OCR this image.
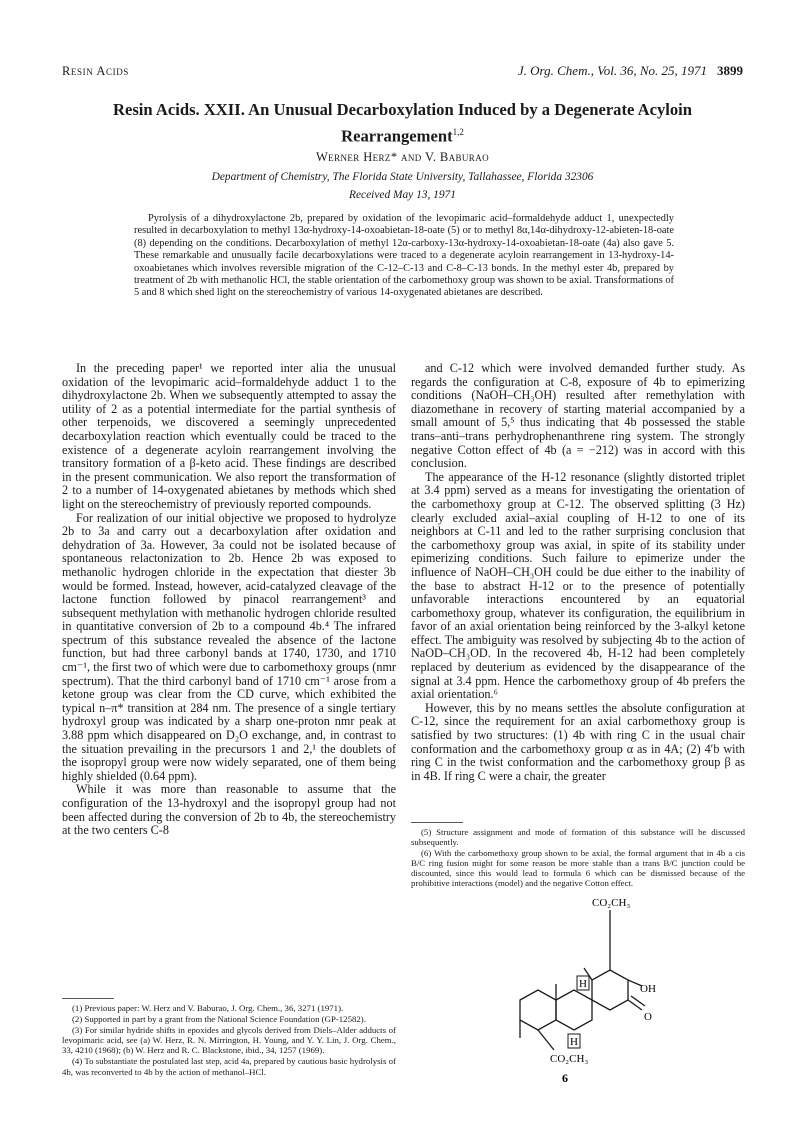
Resin Acids	J. Org. Chem., Vol. 36, No. 25, 1971 3899
Resin Acids. XXII. An Unusual Decarboxylation Induced by a Degenerate Acyloin Rearrangement$^{1,2}$
Werner Herz* and V. Baburao
Department of Chemistry, The Florida State University, Tallahassee, Florida 32306
Received May 13, 1971

Pyrolysis of a dihydroxylactone 2b, prepared by oxidation of the levopimaric acid–formaldehyde adduct 1, unexpectedly resulted in decarboxylation to methyl 13α-hydroxy-14-oxoabietan-18-oate (5) or to methyl 8α,14α-dihydroxy-12-abieten-18-oate (8) depending on the conditions. Decarboxylation of methyl 12α-carboxy-13α-hydroxy-14-oxoabietan-18-oate (4a) also gave 5. These remarkable and unusually facile decarboxylations were traced to a degenerate acyloin rearrangement in 13-hydroxy-14-oxoabietanes which involves reversible migration of the C-12–C-13 and C-8–C-13 bonds. In the methyl ester 4b, prepared by treatment of 2b with methanolic HCl, the stable orientation of the carbomethoxy group was shown to be axial. Transformations of 5 and 8 which shed light on the stereochemistry of various 14-oxygenated abietanes are described.

In the preceding paper¹ we reported inter alia the unusual oxidation of the levopimaric acid–formaldehyde adduct 1 to the dihydroxylactone 2b. When we subsequently attempted to assay the utility of 2 as a potential intermediate for the partial synthesis of other terpenoids, we discovered a seemingly unprecedented decarboxylation reaction which eventually could be traced to the existence of a degenerate acyloin rearrangement involving the transitory formation of a β-keto acid. These findings are described in the present communication. We also report the transformation of 2 to a number of 14-oxygenated abietanes by methods which shed light on the stereochemistry of previously reported compounds.

For realization of our initial objective we proposed to hydrolyze 2b to 3a and carry out a decarboxylation after oxidation and dehydration of 3a. However, 3a could not be isolated because of spontaneous relactonization to 2b. Hence 2b was exposed to methanolic hydrogen chloride in the expectation that diester 3b would be formed. Instead, however, acid-catalyzed cleavage of the lactone function followed by pinacol rearrangement³ and subsequent methylation with methanolic hydrogen chloride resulted in quantitative conversion of 2b to a compound 4b.⁴ The infrared spectrum of this substance revealed the absence of the lactone function, but had three carbonyl bands at 1740, 1730, and 1710 cm⁻¹, the first two of which were due to carbomethoxy groups (nmr spectrum). That the third carbonyl band of 1710 cm⁻¹ arose from a ketone group was clear from the CD curve, which exhibited the typical n–π* transition at 284 nm. The presence of a single tertiary hydroxyl group was indicated by a sharp one-proton nmr peak at 3.88 ppm which disappeared on D₂O exchange, and, in contrast to the situation prevailing in the precursors 1 and 2,¹ the doublets of the isopropyl group were now widely separated, one of them being highly shielded (0.64 ppm).

While it was more than reasonable to assume that the configuration of the 13-hydroxyl and the isopropyl group had not been affected during the conversion of 2b to 4b, the stereochemistry at the two centers C-8

and C-12 which were involved demanded further study. As regards the configuration at C-8, exposure of 4b to epimerizing conditions (NaOH–CH₃OH) resulted after remethylation with diazomethane in recovery of starting material accompanied by a small amount of 5,⁵ thus indicating that 4b possessed the stable trans–anti–trans perhydrophenanthrene ring system. The strongly negative Cotton effect of 4b (a = −212) was in accord with this conclusion.

The appearance of the H-12 resonance (slightly distorted triplet at 3.4 ppm) served as a means for investigating the orientation of the carbomethoxy group at C-12. The observed splitting (3 Hz) clearly excluded axial–axial coupling of H-12 to one of its neighbors at C-11 and led to the rather surprising conclusion that the carbomethoxy group was axial, in spite of its stability under epimerizing conditions. Such failure to epimerize under the influence of NaOH–CH₃OH could be due either to the inability of the base to abstract H-12 or to the presence of potentially unfavorable interactions encountered by an equatorial carbomethoxy group, whatever its configuration, the equilibrium in favor of an axial orientation being reinforced by the 3-alkyl ketone effect. The ambiguity was resolved by subjecting 4b to the action of NaOD–CH₃OD. In the recovered 4b, H-12 had been completely replaced by deuterium as evidenced by the disappearance of the signal at 3.4 ppm. Hence the carbomethoxy group of 4b prefers the axial orientation.⁶

However, this by no means settles the absolute configuration at C-12, since the requirement for an axial carbomethoxy group is satisfied by two structures: (1) 4b with ring C in the usual chair conformation and the carbomethoxy group α as in 4A; (2) 4′b with ring C in the twist conformation and the carbomethoxy group β as in 4B. If ring C were a chair, the greater

(1) Previous paper: W. Herz and V. Baburao, J. Org. Chem., 36, 3271 (1971).

(2) Supported in part by a grant from the National Science Foundation (GP-12582).

(3) For similar hydride shifts in epoxides and glycols derived from Diels–Alder adducts of levopimaric acid, see (a) W. Herz, R. N. Mirrington, H. Young, and Y. Y. Lin, J. Org. Chem., 33, 4210 (1968); (b) W. Herz and R. C. Blackstone, ibid., 34, 1257 (1969).

(4) To substantiate the postulated last step, acid 4a, prepared by cautious basic hydrolysis of 4b, was reconverted to 4b by the action of methanol–HCl.

(5) Structure assignment and mode of formation of this substance will be discussed subsequently.

(6) With the carbomethoxy group shown to be axial, the formal argument that in 4b a cis B/C ring fusion might for some reason be more stable than a trans B/C junction could be discounted, since this would lead to formula 6 which can be dismissed because of the prohibitive interactions (model) and the negative Cotton effect.

CO₂CH₃
H	OH
O
H
CO₂CH₃
6
